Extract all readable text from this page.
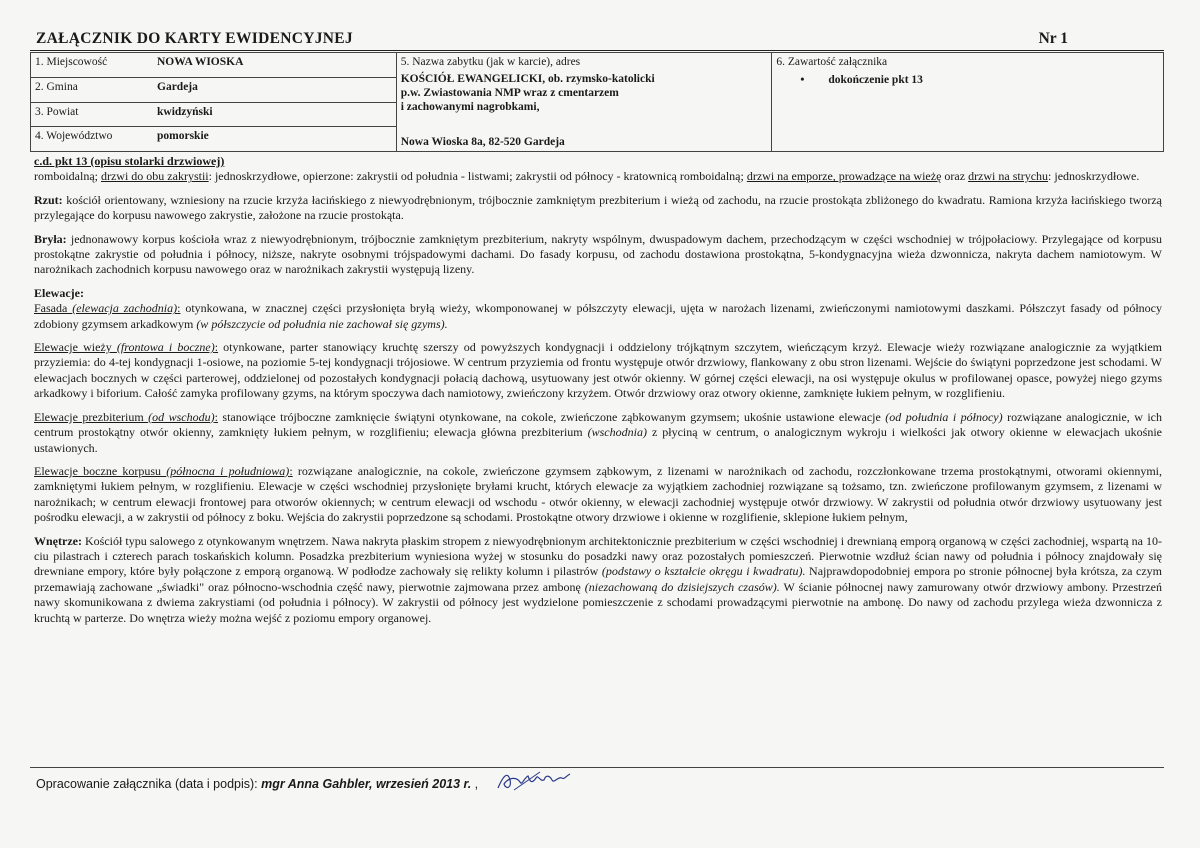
ZAŁĄCZNIK DO KARTY EWIDENCYJNEJ	Nr 1
1. Miejscowość	NOWA WIOSKA	5. Nazwa zabytku (jak w karcie), adres
KOŚCIÓŁ EWANGELICKI, ob. rzymsko-katolicki
p.w. Zwiastowania NMP wraz z cmentarzem
i zachowanymi nagrobkami,
Nowa Wioska 8a, 82-520 Gardeja

6. Zawartość załącznika
• dokończenie pkt 13

2. Gmina	Gardeja
3. Powiat	kwidzyński
4. Województwo	pomorskie

c.d. pkt 13 (opisu stolarki drzwiowej)
romboidalną; drzwi do obu zakrystii: jednoskrzydłowe, opierzone: zakrystii od południa - listwami; zakrystii od północy - kratownicą romboidalną; drzwi na emporze, prowadzące na wieżę oraz drzwi na strychu: jednoskrzydłowe.

Rzut: kościół orientowany, wzniesiony na rzucie krzyża łacińskiego z niewyodrębnionym, trójbocznie zamkniętym prezbiterium i wieżą od zachodu, na rzucie prostokąta zbliżonego do kwadratu. Ramiona krzyża łacińskiego tworzą przylegające do korpusu nawowego zakrystie, założone na rzucie prostokąta.

Bryła: jednonawowy korpus kościoła wraz z niewyodrębnionym, trójbocznie zamkniętym prezbiterium, nakryty wspólnym, dwuspadowym dachem, przechodzącym w części wschodniej w trójpołaciowy. Przylegające od korpusu prostokątne zakrystie od południa i północy, niższe, nakryte osobnymi trójspadowymi dachami. Do fasady korpusu, od zachodu dostawiona prostokątna, 5-kondygnacyjna wieża dzwonnicza, nakryta dachem namiotowym. W narożnikach zachodnich korpusu nawowego oraz w narożnikach zakrystii występują lizeny.

Elewacje:
Fasada (elewacja zachodnia): otynkowana, w znacznej części przysłonięta bryłą wieży, wkomponowanej w półszczyty elewacji, ujęta w narożach lizenami, zwieńczonymi namiotowymi daszkami. Półszczyt fasady od północy zdobiony gzymsem arkadkowym (w półszczycie od południa nie zachował się gzyms).

Elewacje wieży (frontowa i boczne): otynkowane, parter stanowiący kruchtę szerszy od powyższych kondygnacji i oddzielony trójkątnym szczytem, wieńczącym krzyż. Elewacje wieży rozwiązane analogicznie za wyjątkiem przyziemia: do 4-tej kondygnacji 1-osiowe, na poziomie 5-tej kondygnacji trójosiowe. W centrum przyziemia od frontu występuje otwór drzwiowy, flankowany z obu stron lizenami. Wejście do świątyni poprzedzone jest schodami. W elewacjach bocznych w części parterowej, oddzielonej od pozostałych kondygnacji połacią dachową, usytuowany jest otwór okienny. W górnej części elewacji, na osi występuje okulus w profilowanej opasce, powyżej niego gzyms arkadkowy i biforium. Całość zamyka profilowany gzyms, na którym spoczywa dach namiotowy, zwieńczony krzyżem. Otwór drzwiowy oraz otwory okienne, zamknięte łukiem pełnym, w rozglifieniu.

Elewacje prezbiterium (od wschodu): stanowiące trójboczne zamknięcie świątyni otynkowane, na cokole, zwieńczone ząbkowanym gzymsem; ukośnie ustawione elewacje (od południa i północy) rozwiązane analogicznie, w ich centrum prostokątny otwór okienny, zamknięty łukiem pełnym, w rozglifieniu; elewacja główna prezbiterium (wschodnia) z płyciną w centrum, o analogicznym wykroju i wielkości jak otwory okienne w elewacjach ukośnie ustawionych.

Elewacje boczne korpusu (północna i południowa): rozwiązane analogicznie, na cokole, zwieńczone gzymsem ząbkowym, z lizenami w narożnikach od zachodu, rozczłonkowane trzema prostokątnymi, otworami okiennymi, zamkniętymi łukiem pełnym, w rozglifieniu. Elewacje w części wschodniej przysłonięte bryłami krucht, których elewacje za wyjątkiem zachodniej rozwiązane są tożsamo, tzn. zwieńczone profilowanym gzymsem, z lizenami w narożnikach; w centrum elewacji frontowej para otworów okiennych; w centrum elewacji od wschodu - otwór okienny, w elewacji zachodniej występuje otwór drzwiowy. W zakrystii od południa otwór drzwiowy usytuowany jest pośrodku elewacji, a w zakrystii od północy z boku. Wejścia do zakrystii poprzedzone są schodami. Prostokątne otwory drzwiowe i okienne w rozglifienie, sklepione łukiem pełnym,

Wnętrze: Kościół typu salowego z otynkowanym wnętrzem. Nawa nakryta płaskim stropem z niewyodrębnionym architektonicznie prezbiterium w części wschodniej i drewnianą emporą organową w części zachodniej, wspartą na 10-ciu pilastrach i czterech parach toskańskich kolumn. Posadzka prezbiterium wyniesiona wyżej w stosunku do posadzki nawy oraz pozostałych pomieszczeń. Pierwotnie wzdłuż ścian nawy od południa i północy znajdowały się drewniane empory, które były połączone z emporą organową. W podłodze zachowały się relikty kolumn i pilastrów (podstawy o kształcie okręgu i kwadratu). Najprawdopodobniej empora po stronie północnej była krótsza, za czym przemawiają zachowane „świadki" oraz północno-wschodnia część nawy, pierwotnie zajmowana przez ambonę (niezachowaną do dzisiejszych czasów). W ścianie północnej nawy zamurowany otwór drzwiowy ambony. Przestrzeń nawy skomunikowana z dwiema zakrystiami (od południa i północy). W zakrystii od północy jest wydzielone pomieszczenie z schodami prowadzącymi pierwotnie na ambonę. Do nawy od zachodu przylega wieża dzwonnicza z kruchtą w parterze. Do wnętrza wieży można wejść z poziomu empory organowej.

Opracowanie załącznika (data i podpis): mgr Anna Gahbler, wrzesień 2013 r. ,
